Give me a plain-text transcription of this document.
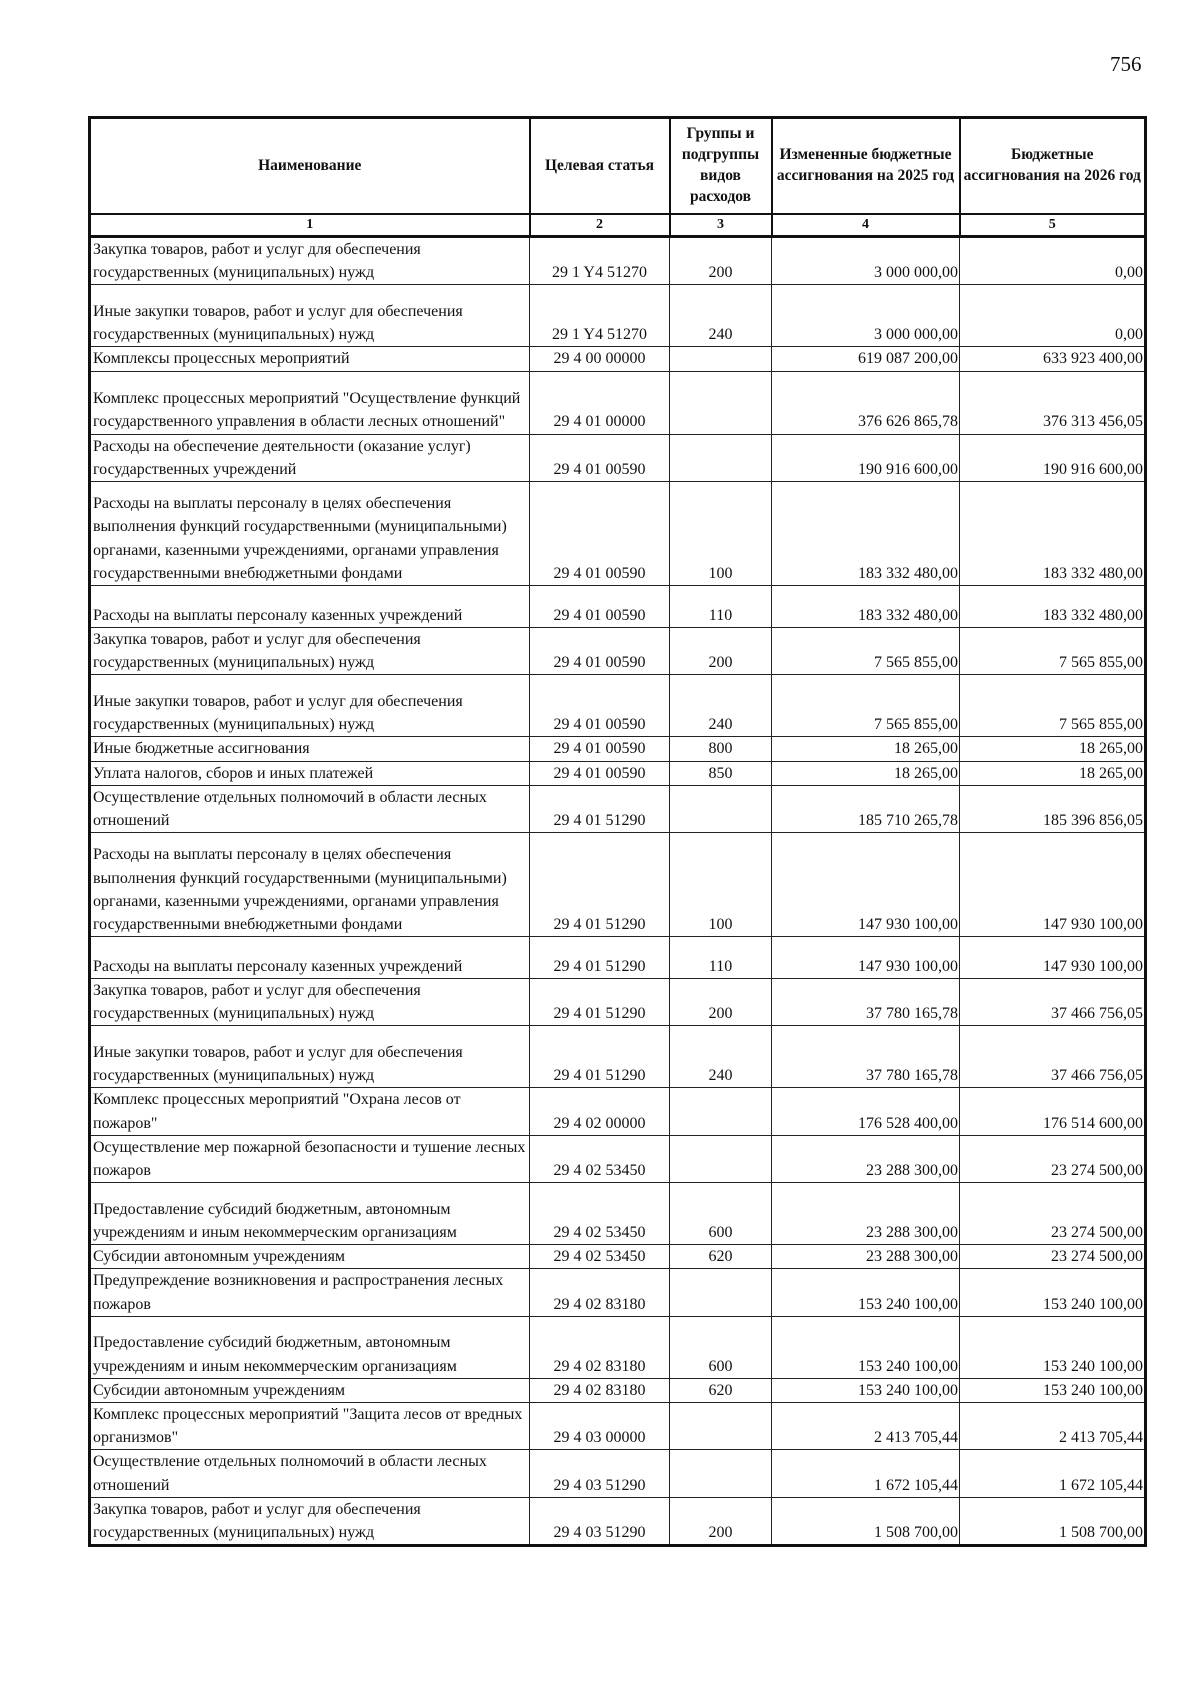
756
Наименование	Целевая статья	Группы и подгруппы видов расходов	Измененные бюджетные ассигнования на 2025 год	Бюджетные ассигнования на 2026 год
1	2	3	4	5
Закупка товаров, работ и услуг для обеспечения государственных (муниципальных) нужд	29 1 Y4 51270	200	3 000 000,00	0,00
Иные закупки товаров, работ и услуг для обеспечения государственных (муниципальных) нужд	29 1 Y4 51270	240	3 000 000,00	0,00
Комплексы процессных мероприятий	29 4 00 00000		619 087 200,00	633 923 400,00
Комплекс процессных мероприятий "Осуществление функций государственного управления в области лесных отношений"	29 4 01 00000		376 626 865,78	376 313 456,05
Расходы на обеспечение деятельности (оказание услуг) государственных учреждений	29 4 01 00590		190 916 600,00	190 916 600,00
Расходы на выплаты персоналу в целях обеспечения выполнения функций государственными (муниципальными) органами, казенными учреждениями, органами управления государственными внебюджетными фондами	29 4 01 00590	100	183 332 480,00	183 332 480,00
Расходы на выплаты персоналу казенных учреждений	29 4 01 00590	110	183 332 480,00	183 332 480,00
Закупка товаров, работ и услуг для обеспечения государственных (муниципальных) нужд	29 4 01 00590	200	7 565 855,00	7 565 855,00
Иные закупки товаров, работ и услуг для обеспечения государственных (муниципальных) нужд	29 4 01 00590	240	7 565 855,00	7 565 855,00
Иные бюджетные ассигнования	29 4 01 00590	800	18 265,00	18 265,00
Уплата налогов, сборов и иных платежей	29 4 01 00590	850	18 265,00	18 265,00
Осуществление отдельных полномочий в области лесных отношений	29 4 01 51290		185 710 265,78	185 396 856,05
Расходы на выплаты персоналу в целях обеспечения выполнения функций государственными (муниципальными) органами, казенными учреждениями, органами управления государственными внебюджетными фондами	29 4 01 51290	100	147 930 100,00	147 930 100,00
Расходы на выплаты персоналу казенных учреждений	29 4 01 51290	110	147 930 100,00	147 930 100,00
Закупка товаров, работ и услуг для обеспечения государственных (муниципальных) нужд	29 4 01 51290	200	37 780 165,78	37 466 756,05
Иные закупки товаров, работ и услуг для обеспечения государственных (муниципальных) нужд	29 4 01 51290	240	37 780 165,78	37 466 756,05
Комплекс процессных мероприятий "Охрана лесов от пожаров"	29 4 02 00000		176 528 400,00	176 514 600,00
Осуществление мер пожарной безопасности и тушение лесных пожаров	29 4 02 53450		23 288 300,00	23 274 500,00
Предоставление субсидий бюджетным, автономным учреждениям и иным некоммерческим организациям	29 4 02 53450	600	23 288 300,00	23 274 500,00
Субсидии автономным учреждениям	29 4 02 53450	620	23 288 300,00	23 274 500,00
Предупреждение возникновения и распространения лесных пожаров	29 4 02 83180		153 240 100,00	153 240 100,00
Предоставление субсидий бюджетным, автономным учреждениям и иным некоммерческим организациям	29 4 02 83180	600	153 240 100,00	153 240 100,00
Субсидии автономным учреждениям	29 4 02 83180	620	153 240 100,00	153 240 100,00
Комплекс процессных мероприятий "Защита лесов от вредных организмов"	29 4 03 00000		2 413 705,44	2 413 705,44
Осуществление отдельных полномочий в области лесных отношений	29 4 03 51290		1 672 105,44	1 672 105,44
Закупка товаров, работ и услуг для обеспечения государственных (муниципальных) нужд	29 4 03 51290	200	1 508 700,00	1 508 700,00
